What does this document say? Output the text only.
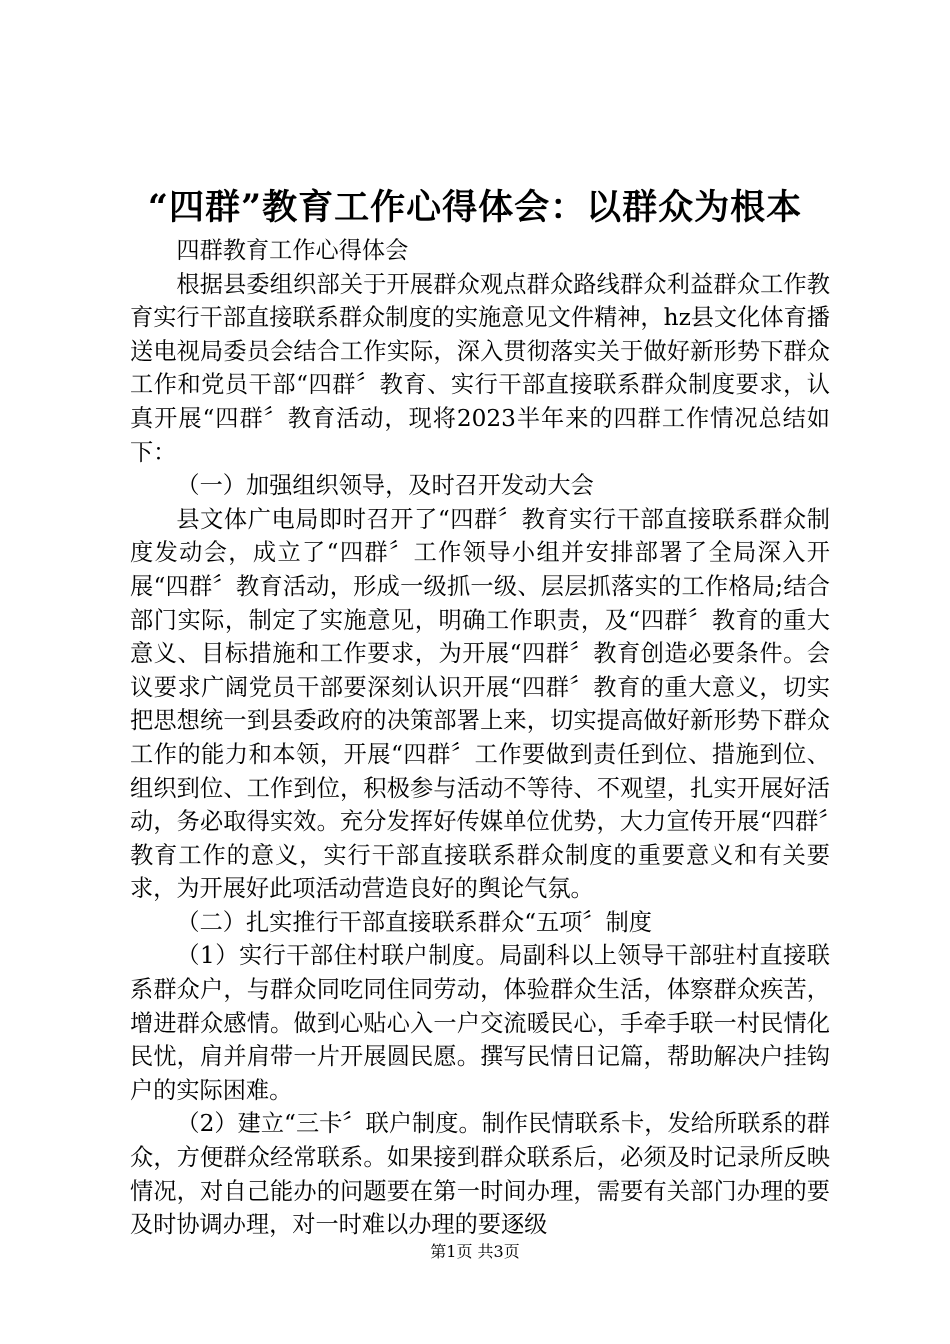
“四群”教育工作心得体会：以群众为根本

四群教育工作心得体会

根据县委组织部关于开展群众观点群众路线群众利益群众工作教育实行干部直接联系群众制度的实施意见文件精神，hz县文化体育播送电视局委员会结合工作实际，深入贯彻落实关于做好新形势下群众工作和党员干部“四群〞教育、实行干部直接联系群众制度要求，认真开展“四群〞教育活动，现将2023半年来的四群工作情况总结如下：

（一）加强组织领导，及时召开发动大会

县文体广电局即时召开了“四群〞教育实行干部直接联系群众制度发动会，成立了“四群〞工作领导小组并安排部署了全局深入开展“四群〞教育活动，形成一级抓一级、层层抓落实的工作格局;结合部门实际，制定了实施意见，明确工作职责，及“四群〞教育的重大意义、目标措施和工作要求，为开展“四群〞教育创造必要条件。会议要求广阔党员干部要深刻认识开展“四群〞教育的重大意义，切实把思想统一到县委政府的决策部署上来，切实提高做好新形势下群众工作的能力和本领，开展“四群〞工作要做到责任到位、措施到位、组织到位、工作到位，积极参与活动不等待、不观望，扎实开展好活动，务必取得实效。充分发挥好传媒单位优势，大力宣传开展“四群〞教育工作的意义，实行干部直接联系群众制度的重要意义和有关要求，为开展好此项活动营造良好的舆论气氛。

（二）扎实推行干部直接联系群众“五项〞制度

（1）实行干部住村联户制度。局副科以上领导干部驻村直接联系群众户，与群众同吃同住同劳动，体验群众生活，体察群众疾苦，增进群众感情。做到心贴心入一户交流暖民心，手牵手联一村民情化民忧，肩并肩带一片开展圆民愿。撰写民情日记篇，帮助解决户挂钩户的实际困难。

（2）建立“三卡〞联户制度。制作民情联系卡，发给所联系的群众，方便群众经常联系。如果接到群众联系后，必须及时记录所反映情况，对自己能办的问题要在第一时间办理，需要有关部门办理的要及时协调办理，对一时难以办理的要逐级

第1页 共3页
